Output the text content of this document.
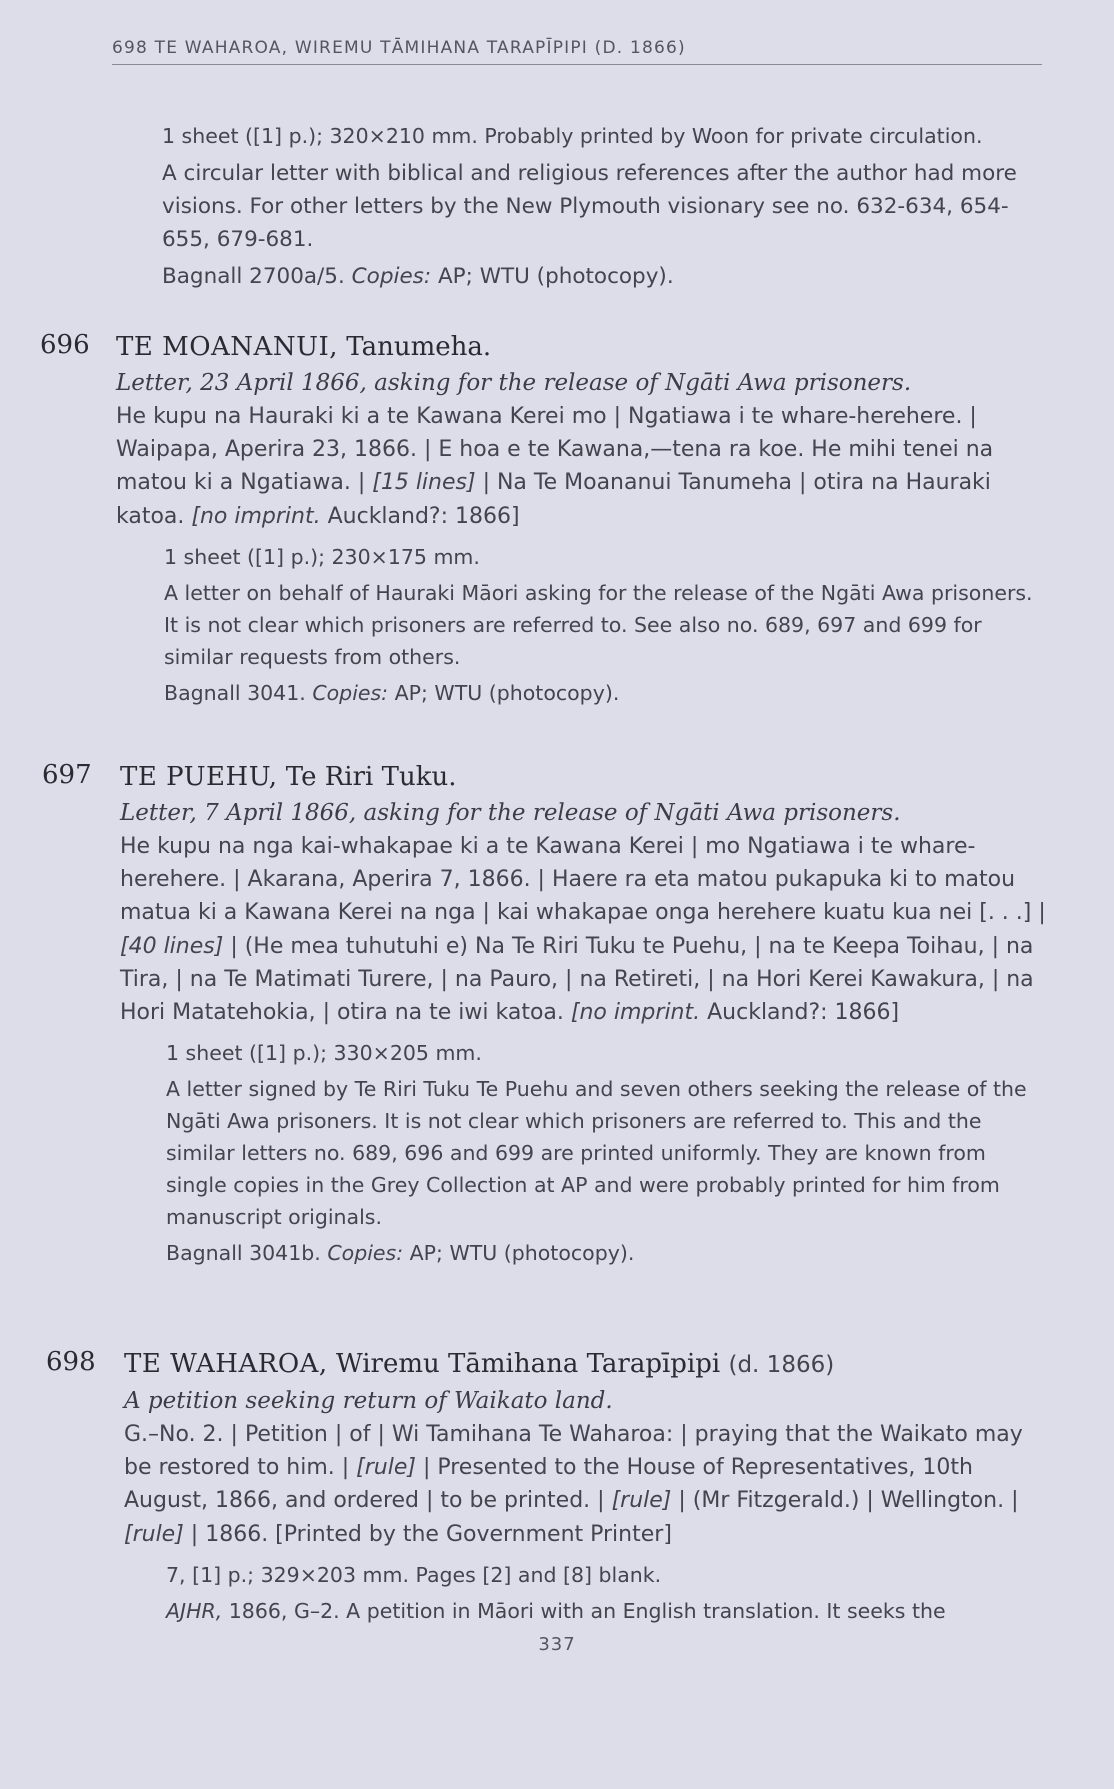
698 TE WAHAROA, WIREMU TĀMIHANA TARAPĪPIPI (D. 1866)

1 sheet ([1] p.); 320×210 mm. Probably printed by Woon for private circulation.

A circular letter with biblical and religious references after the author had more visions. For other letters by the New Plymouth visionary see no. 632-634, 654-655, 679-681.

Bagnall 2700a/5. Copies: AP; WTU (photocopy).

696 TE MOANANUI, Tanumeha.

Letter, 23 April 1866, asking for the release of Ngāti Awa prisoners.

He kupu na Hauraki ki a te Kawana Kerei mo | Ngatiawa i te whare-herehere. | Waipapa, Aperira 23, 1866. | E hoa e te Kawana,—tena ra koe. He mihi tenei na matou ki a Ngatiawa. | [15 lines] | Na Te Moananui Tanumeha | otira na Hauraki katoa. [no imprint. Auckland?: 1866]

1 sheet ([1] p.); 230×175 mm.

A letter on behalf of Hauraki Māori asking for the release of the Ngāti Awa prisoners. It is not clear which prisoners are referred to. See also no. 689, 697 and 699 for similar requests from others.

Bagnall 3041. Copies: AP; WTU (photocopy).

697 TE PUEHU, Te Riri Tuku.

Letter, 7 April 1866, asking for the release of Ngāti Awa prisoners.

He kupu na nga kai-whakapae ki a te Kawana Kerei | mo Ngatiawa i te whare-herehere. | Akarana, Aperira 7, 1866. | Haere ra eta matou pukapuka ki to matou matua ki a Kawana Kerei na nga | kai whakapae onga herehere kuatu kua nei [. . .] | [40 lines] | (He mea tuhutuhi e) Na Te Riri Tuku te Puehu, | na te Keepa Toihau, | na Tira, | na Te Matimati Turere, | na Pauro, | na Retireti, | na Hori Kerei Kawakura, | na Hori Matatehokia, | otira na te iwi katoa. [no imprint. Auckland?: 1866]

1 sheet ([1] p.); 330×205 mm.

A letter signed by Te Riri Tuku Te Puehu and seven others seeking the release of the Ngāti Awa prisoners. It is not clear which prisoners are referred to. This and the similar letters no. 689, 696 and 699 are printed uniformly. They are known from single copies in the Grey Collection at AP and were probably printed for him from manuscript originals.

Bagnall 3041b. Copies: AP; WTU (photocopy).

698 TE WAHAROA, Wiremu Tāmihana Tarapīpipi (d. 1866)

A petition seeking return of Waikato land.

G.–No. 2. | Petition | of | Wi Tamihana Te Waharoa: | praying that the Waikato may be restored to him. | [rule] | Presented to the House of Representatives, 10th August, 1866, and ordered | to be printed. | [rule] | (Mr Fitzgerald.) | Wellington. | [rule] | 1866. [Printed by the Government Printer]

7, [1] p.; 329×203 mm. Pages [2] and [8] blank.

AJHR, 1866, G–2. A petition in Māori with an English translation. It seeks the

337
